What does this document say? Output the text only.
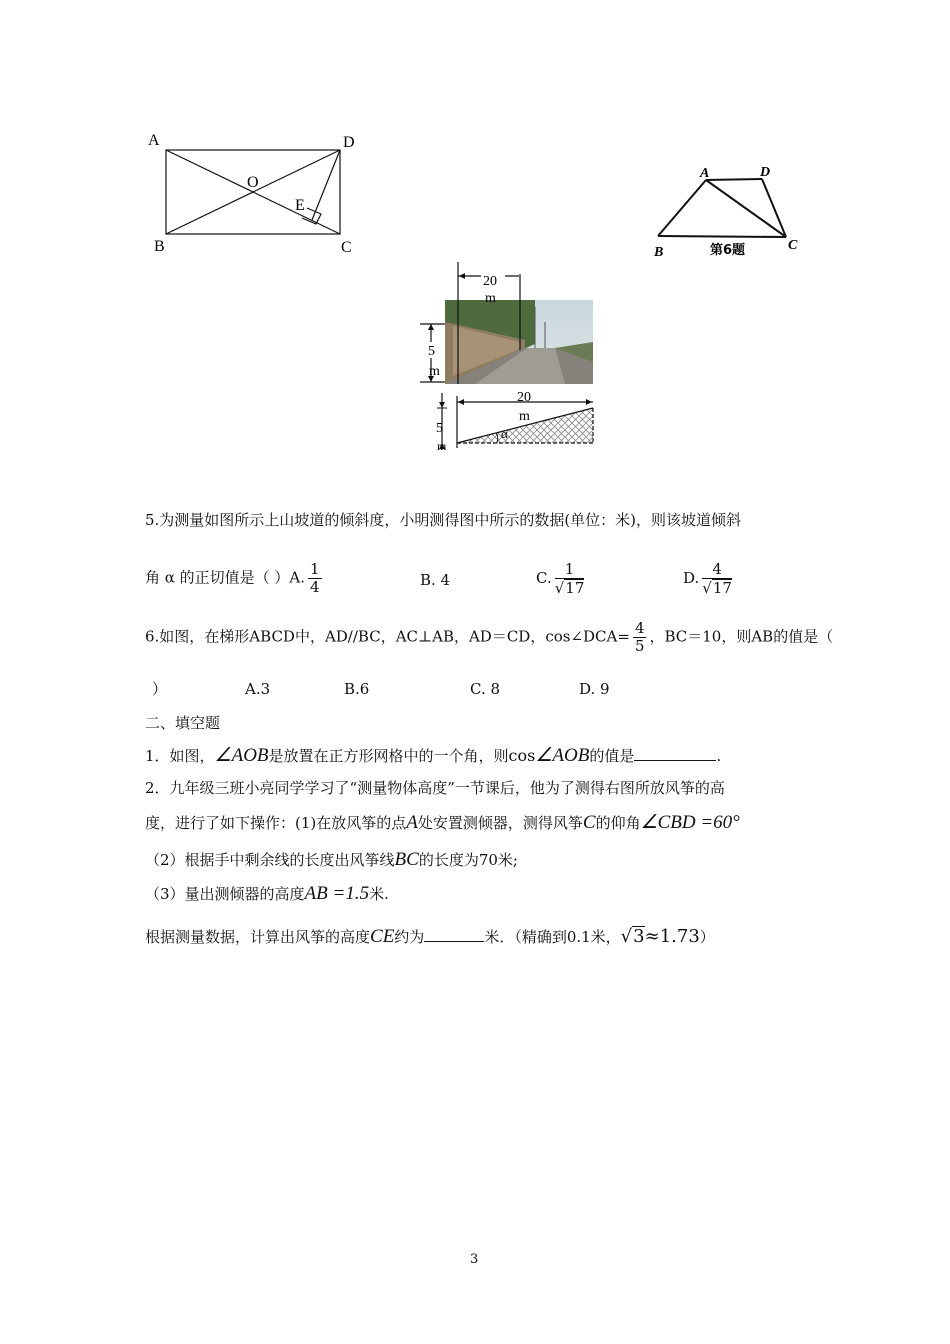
A	D
O
E
B	C
A	D
B	C
第6题
20
m
5
m
20
m
5
m
α
5.为测量如图所示上山坡道的倾斜度，小明测得图中所示的数据(单位：米)，则该坡道倾斜
角 α 的正切值是（ ）A. $\frac{1}{4}$	B. 4	C. $\frac{1}{√17}$	D. $\frac{4}{√17}$
6.如图，在梯形ABCD中，AD//BC，AC⊥AB，AD＝CD，cos∠DCA= $\frac{4}{5}$ ，BC＝10，则AB的值是（
）	A.3	B.6	C. 8	D. 9
二、填空题
1．如图，∠AOB是放置在正方形网格中的一个角，则cos∠AOB的值是	.
2．九年级三班小亮同学学习了“测量物体高度”一节课后，他为了测得右图所放风筝的高
度，进行了如下操作：(1)在放风筝的点A处安置测倾器，测得风筝C的仰角∠CBD =60°
（2）根据手中剩余线的长度出风筝线BC的长度为70米;
（3）量出测倾器的高度AB =1.5米.
根据测量数据，计算出风筝的高度CE约为	米．（精确到0.1米，√3≈1.73）
3
